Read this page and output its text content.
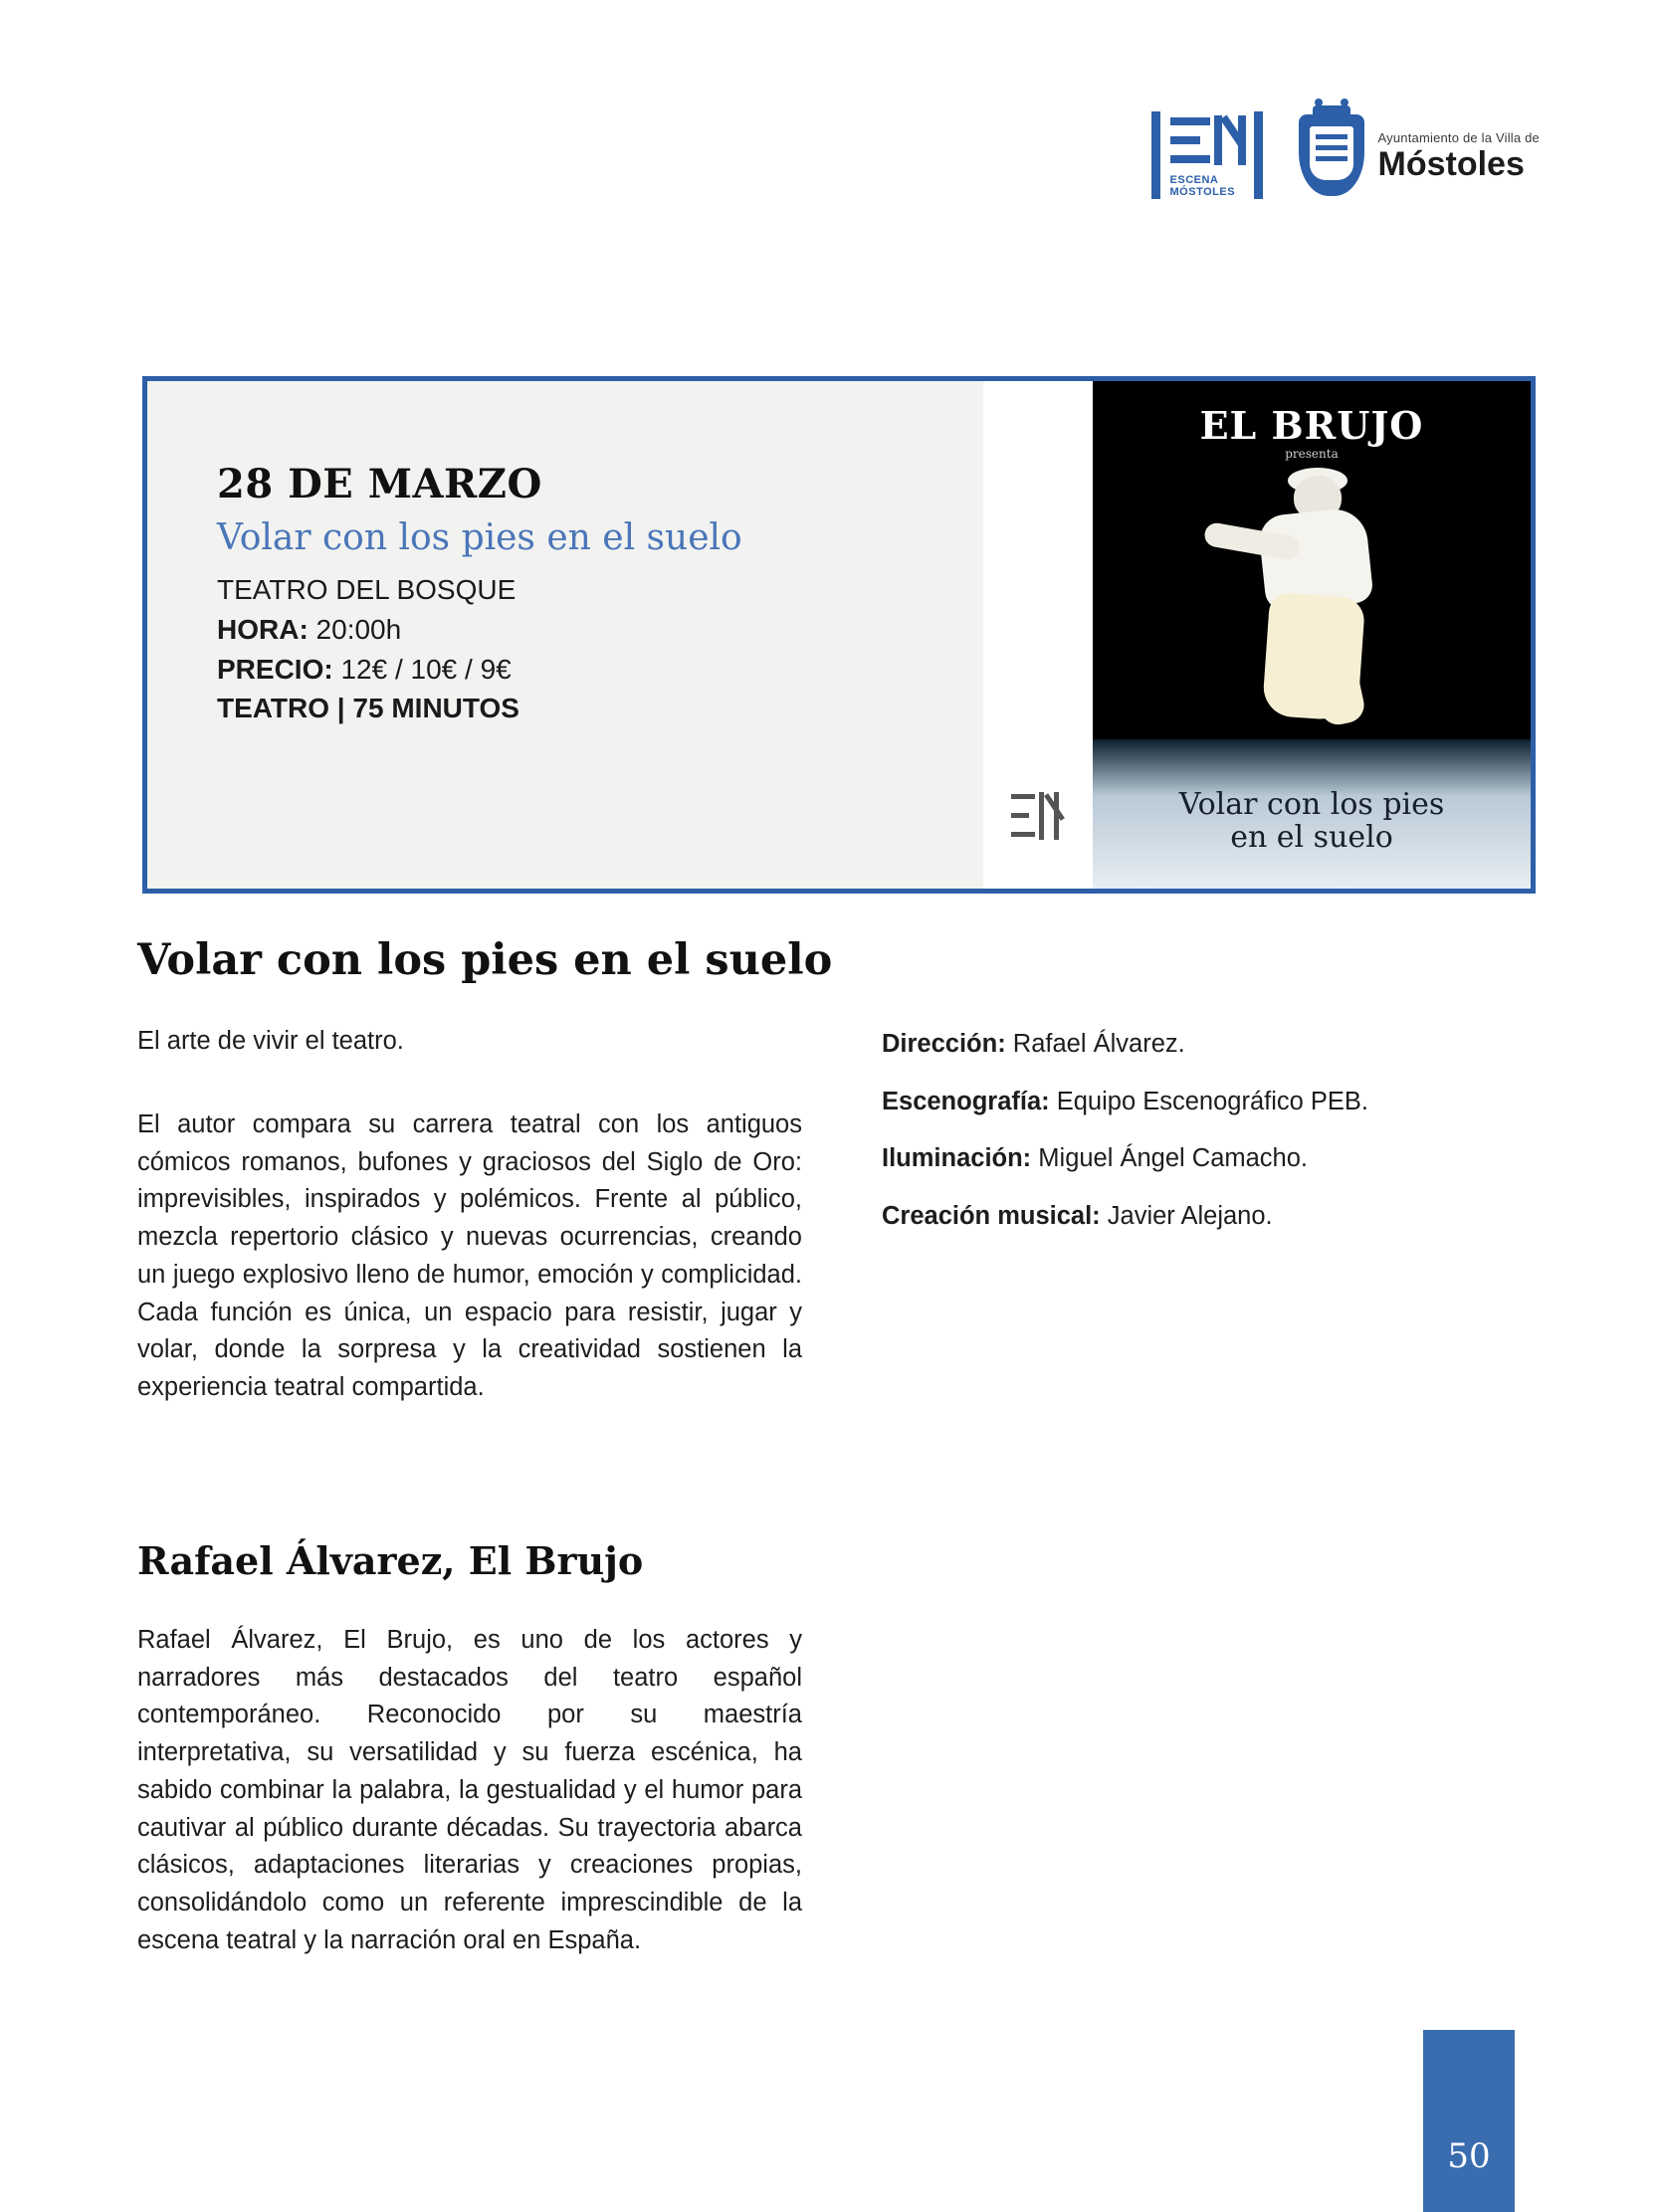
ESCENA
MÓSTOLES
Ayuntamiento de la Villa de
Móstoles
28 DE MARZO
Volar con los pies en el suelo
TEATRO DEL BOSQUE
HORA: 20:00h
PRECIO: 12€ / 10€ / 9€
TEATRO | 75 MINUTOS
EL BRUJO
presenta
Volar con los pies
en el suelo
Volar con los pies en el suelo
El arte de vivir el teatro.
El autor compara su carrera teatral con los antiguos cómicos romanos, bufones y graciosos del Siglo de Oro: imprevisibles, inspirados y polémicos. Frente al público, mezcla repertorio clásico y nuevas ocurrencias, creando un juego explosivo lleno de humor, emoción y complicidad. Cada función es única, un espacio para resistir, jugar y volar, donde la sorpresa y la creatividad sostienen la experiencia teatral compartida.
Rafael Álvarez, El Brujo
Rafael Álvarez, El Brujo, es uno de los actores y narradores más destacados del teatro español contemporáneo. Reconocido por su maestría interpretativa, su versatilidad y su fuerza escénica, ha sabido combinar la palabra, la gestualidad y el humor para cautivar al público durante décadas. Su trayectoria abarca clásicos, adaptaciones literarias y creaciones propias, consolidándolo como un referente imprescindible de la escena teatral y la narración oral en España.

Dirección: Rafael Álvarez.

Escenografía: Equipo Escenográfico PEB.

Iluminación: Miguel Ángel Camacho.

Creación musical: Javier Alejano.

50
